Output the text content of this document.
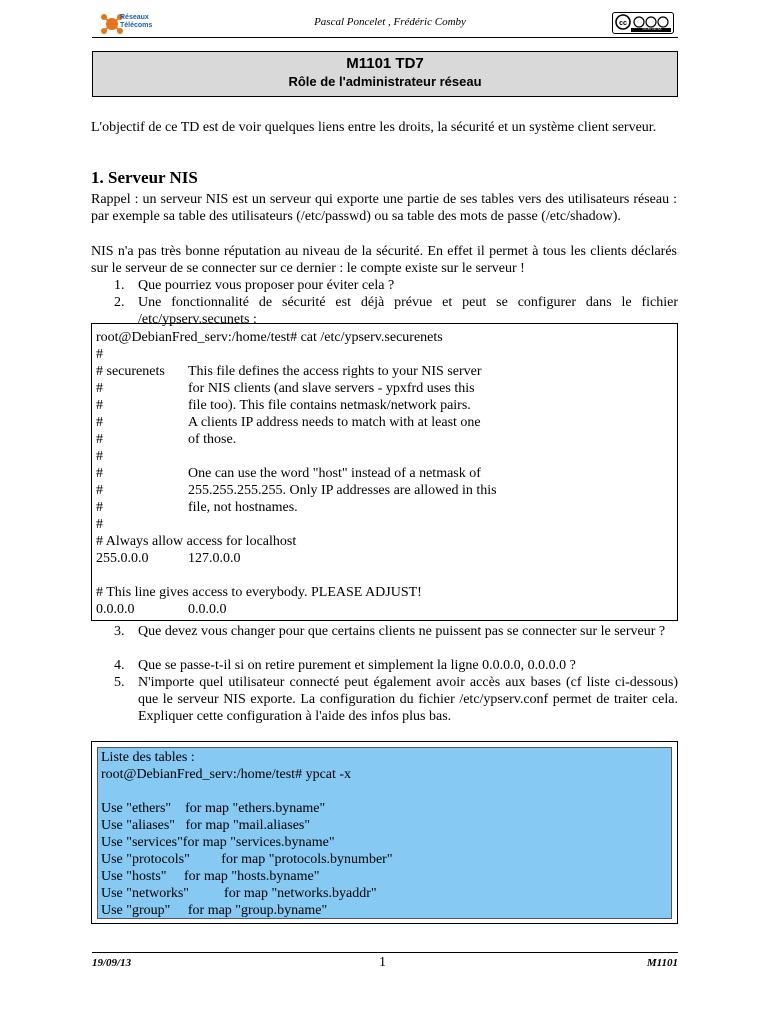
Réseaux Télécoms	Pascal Poncelet , Frédéric Comby	cc
CC BY NC SA
M1101 TD7
Rôle de l'administrateur réseau
L'objectif de ce TD est de voir quelques liens entre les droits, la sécurité et un système client serveur.
1. Serveur NIS
Rappel : un serveur NIS est un serveur qui exporte une partie de ses tables vers des utilisateurs réseau : par exemple sa table des utilisateurs (/etc/passwd) ou sa table des mots de passe (/etc/shadow).
NIS n'a pas très bonne réputation au niveau de la sécurité. En effet il permet à tous les clients déclarés sur le serveur de se connecter sur ce dernier : le compte existe sur le serveur !
1. Que pourriez vous proposer pour éviter cela ?
2. Une fonctionnalité de sécurité est déjà prévue et peut se configurer dans le fichier /etc/ypserv.secunets :
root@DebianFred_serv:/home/test# cat /etc/ypserv.securenets
#
# securenets This file defines the access rights to your NIS server
#	for NIS clients (and slave servers - ypxfrd uses this
#	file too). This file contains netmask/network pairs.
#	A clients IP address needs to match with at least one
#	of those.
#
#	One can use the word "host" instead of a netmask of
#	255.255.255.255. Only IP addresses are allowed in this
#	file, not hostnames.
#
# Always allow access for localhost
255.0.0.0	127.0.0.0
# This line gives access to everybody. PLEASE ADJUST!
0.0.0.0	0.0.0.0
3. Que devez vous changer pour que certains clients ne puissent pas se connecter sur le serveur ?
4. Que se passe-t-il si on retire purement et simplement la ligne 0.0.0.0, 0.0.0.0 ?
5. N'importe quel utilisateur connecté peut également avoir accès aux bases (cf liste ci-dessous) que le serveur NIS exporte. La configuration du fichier /etc/ypserv.conf permet de traiter cela. Expliquer cette configuration à l'aide des infos plus bas.
Liste des tables :
root@DebianFred_serv:/home/test# ypcat -x
Use "ethers"    for map "ethers.byname"
Use "aliases"   for map "mail.aliases"
Use "services"for map "services.byname"
Use "protocols"         for map "protocols.bynumber"
Use "hosts"     for map "hosts.byname"
Use "networks"          for map "networks.byaddr"
Use "group"     for map "group.byname"
19/09/13	1	M1101
